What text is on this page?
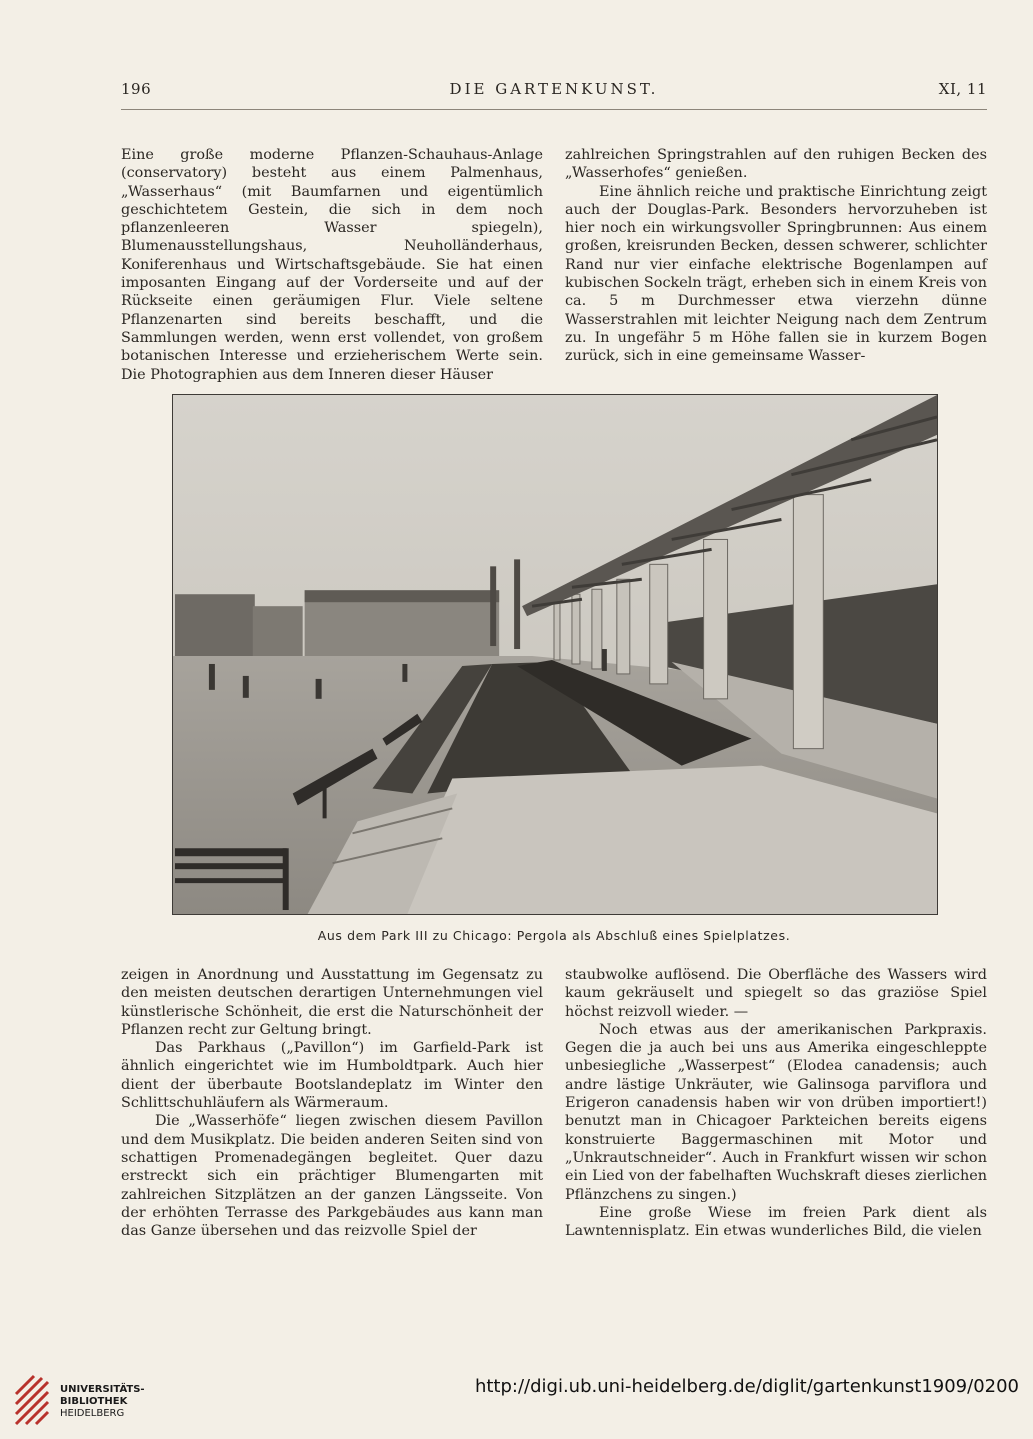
196	DIE GARTENKUNST.	XI, 11

Eine große moderne Pflanzen-Schauhaus-Anlage (conservatory) besteht aus einem Palmenhaus, „Wasserhaus“ (mit Baumfarnen und eigentümlich geschichtetem Gestein, die sich in dem noch pflanzenleeren Wasser spiegeln), Blumenausstellungshaus, Neuholländerhaus, Koniferenhaus und Wirtschaftsgebäude. Sie hat einen imposanten Eingang auf der Vorderseite und auf der Rückseite einen geräumigen Flur. Viele seltene Pflanzenarten sind bereits beschafft, und die Sammlungen werden, wenn erst vollendet, von großem botanischen Interesse und erzieherischem Werte sein. Die Photographien aus dem Inneren dieser Häuser

zahlreichen Springstrahlen auf den ruhigen Becken des „Wasserhofes“ genießen.

Eine ähnlich reiche und praktische Einrichtung zeigt auch der Douglas-Park. Besonders hervorzuheben ist hier noch ein wirkungsvoller Springbrunnen: Aus einem großen, kreisrunden Becken, dessen schwerer, schlichter Rand nur vier einfache elektrische Bogenlampen auf kubischen Sockeln trägt, erheben sich in einem Kreis von ca. 5 m Durchmesser etwa vierzehn dünne Wasserstrahlen mit leichter Neigung nach dem Zentrum zu. In ungefähr 5 m Höhe fallen sie in kurzem Bogen zurück, sich in eine gemeinsame Wasser-

Aus dem Park III zu Chicago: Pergola als Abschluß eines Spielplatzes.

zeigen in Anordnung und Ausstattung im Gegensatz zu den meisten deutschen derartigen Unternehmungen viel künstlerische Schönheit, die erst die Naturschönheit der Pflanzen recht zur Geltung bringt.

Das Parkhaus („Pavillon“) im Garfield-Park ist ähnlich eingerichtet wie im Humboldtpark. Auch hier dient der überbaute Bootslandeplatz im Winter den Schlittschuhläufern als Wärmeraum.

Die „Wasserhöfe“ liegen zwischen diesem Pavillon und dem Musikplatz. Die beiden anderen Seiten sind von schattigen Promenadegängen begleitet. Quer dazu erstreckt sich ein prächtiger Blumengarten mit zahlreichen Sitzplätzen an der ganzen Längsseite. Von der erhöhten Terrasse des Parkgebäudes aus kann man das Ganze übersehen und das reizvolle Spiel der

staubwolke auflösend. Die Oberfläche des Wassers wird kaum gekräuselt und spiegelt so das graziöse Spiel höchst reizvoll wieder. —

Noch etwas aus der amerikanischen Parkpraxis. Gegen die ja auch bei uns aus Amerika eingeschleppte unbesiegliche „Wasserpest“ (Elodea canadensis; auch andre lästige Unkräuter, wie Galinsoga parviflora und Erigeron canadensis haben wir von drüben importiert!) benutzt man in Chicagoer Parkteichen bereits eigens konstruierte Baggermaschinen mit Motor und „Unkrautschneider“. Auch in Frankfurt wissen wir schon ein Lied von der fabelhaften Wuchskraft dieses zierlichen Pflänzchens zu singen.)

Eine große Wiese im freien Park dient als Lawntennisplatz. Ein etwas wunderliches Bild, die vielen

UNIVERSITÄTS-
BIBLIOTHEK
HEIDELBERG
http://digi.ub.uni-heidelberg.de/diglit/gartenkunst1909/0200
